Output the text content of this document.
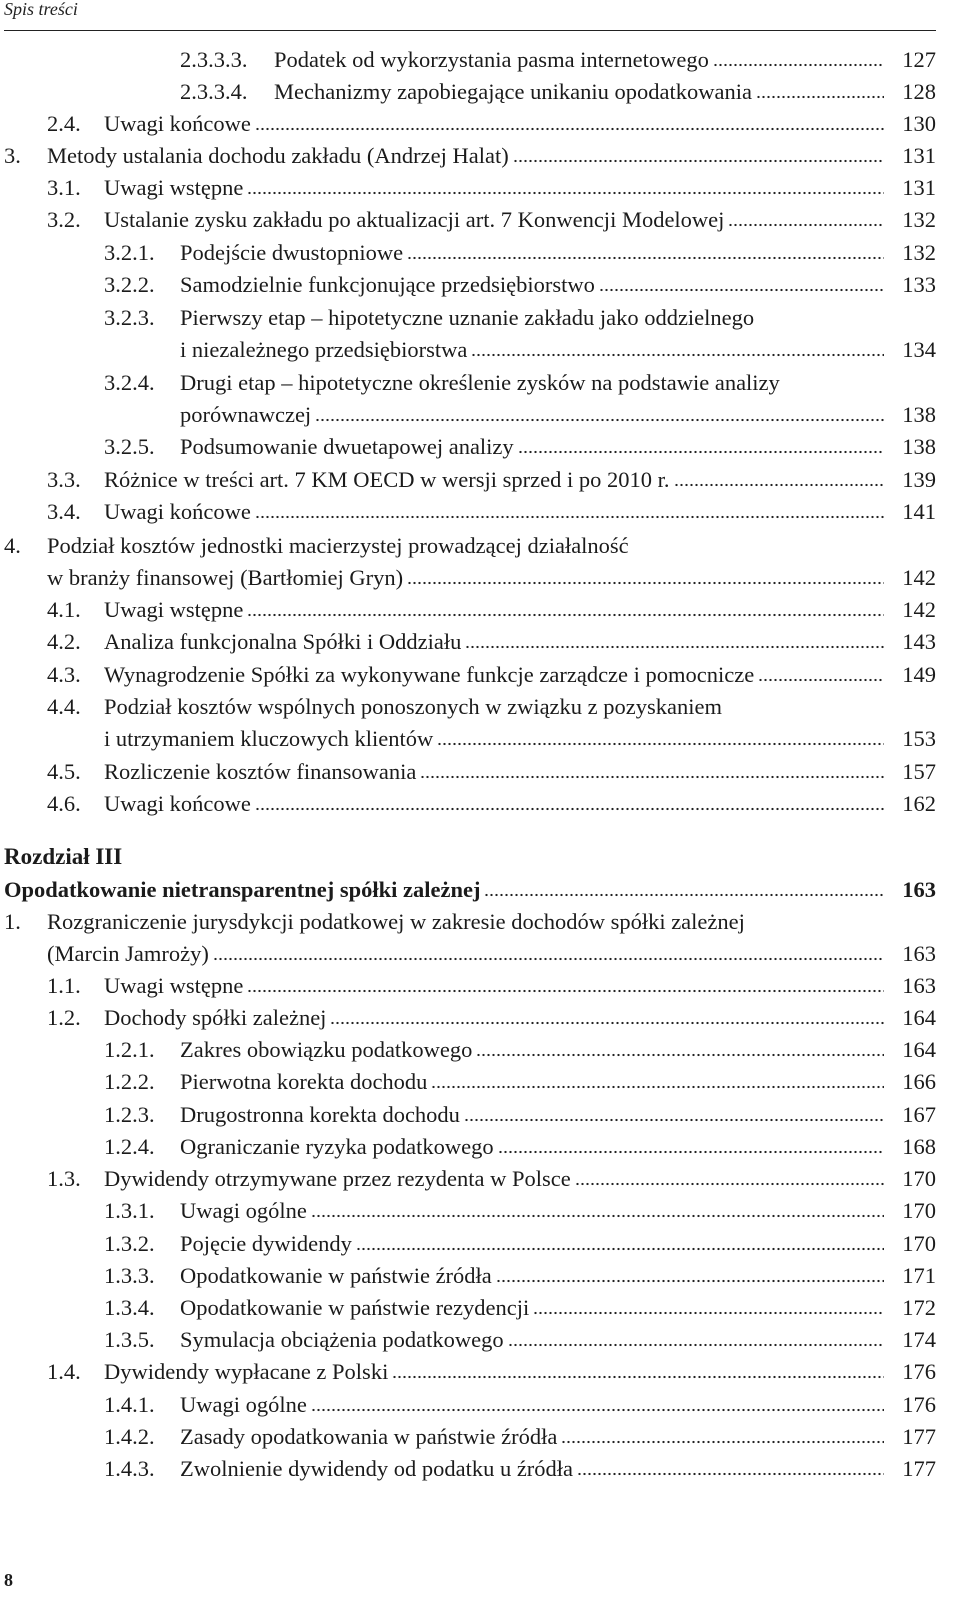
Spis treści
2.3.3.3. Podatek od wykorzystania pasma internetowego	127
2.3.3.4. Mechanizmy zapobiegające unikaniu opodatkowania	128
2.4. Uwagi końcowe	130
3. Metody ustalania dochodu zakładu (Andrzej Halat)	131
3.1. Uwagi wstępne	131
3.2. Ustalanie zysku zakładu po aktualizacji art. 7 Konwencji Modelowej	132
3.2.1. Podejście dwustopniowe	132
3.2.2. Samodzielnie funkcjonujące przedsiębiorstwo	133
3.2.3. Pierwszy etap – hipotetyczne uznanie zakładu jako oddzielnego
i niezależnego przedsiębiorstwa	134
3.2.4. Drugi etap – hipotetyczne określenie zysków na podstawie analizy
porównawczej	138
3.2.5. Podsumowanie dwuetapowej analizy	138
3.3. Różnice w treści art. 7 KM OECD w wersji sprzed i po 2010 r.	139
3.4. Uwagi końcowe	141
4. Podział kosztów jednostki macierzystej prowadzącej działalność
w branży finansowej (Bartłomiej Gryn)	142
4.1. Uwagi wstępne	142
4.2. Analiza funkcjonalna Spółki i Oddziału	143
4.3. Wynagrodzenie Spółki za wykonywane funkcje zarządcze i pomocnicze	149
4.4. Podział kosztów wspólnych ponoszonych w związku z pozyskaniem
i utrzymaniem kluczowych klientów	153
4.5. Rozliczenie kosztów finansowania	157
4.6. Uwagi końcowe	162
Opodatkowanie nietransparentnej spółki zależnej	163
1. Rozgraniczenie jurysdykcji podatkowej w zakresie dochodów spółki zależnej
(Marcin Jamroży)	163
1.1. Uwagi wstępne	163
1.2. Dochody spółki zależnej	164
1.2.1. Zakres obowiązku podatkowego	164
1.2.2. Pierwotna korekta dochodu	166
1.2.3. Drugostronna korekta dochodu	167
1.2.4. Ograniczanie ryzyka podatkowego	168
1.3. Dywidendy otrzymywane przez rezydenta w Polsce	170
1.3.1. Uwagi ogólne	170
1.3.2. Pojęcie dywidendy	170
1.3.3. Opodatkowanie w państwie źródła	171
1.3.4. Opodatkowanie w państwie rezydencji	172
1.3.5. Symulacja obciążenia podatkowego	174
1.4. Dywidendy wypłacane z Polski	176
1.4.1. Uwagi ogólne	176
1.4.2. Zasady opodatkowania w państwie źródła	177
1.4.3. Zwolnienie dywidendy od podatku u źródła	177
Rozdział III
8
